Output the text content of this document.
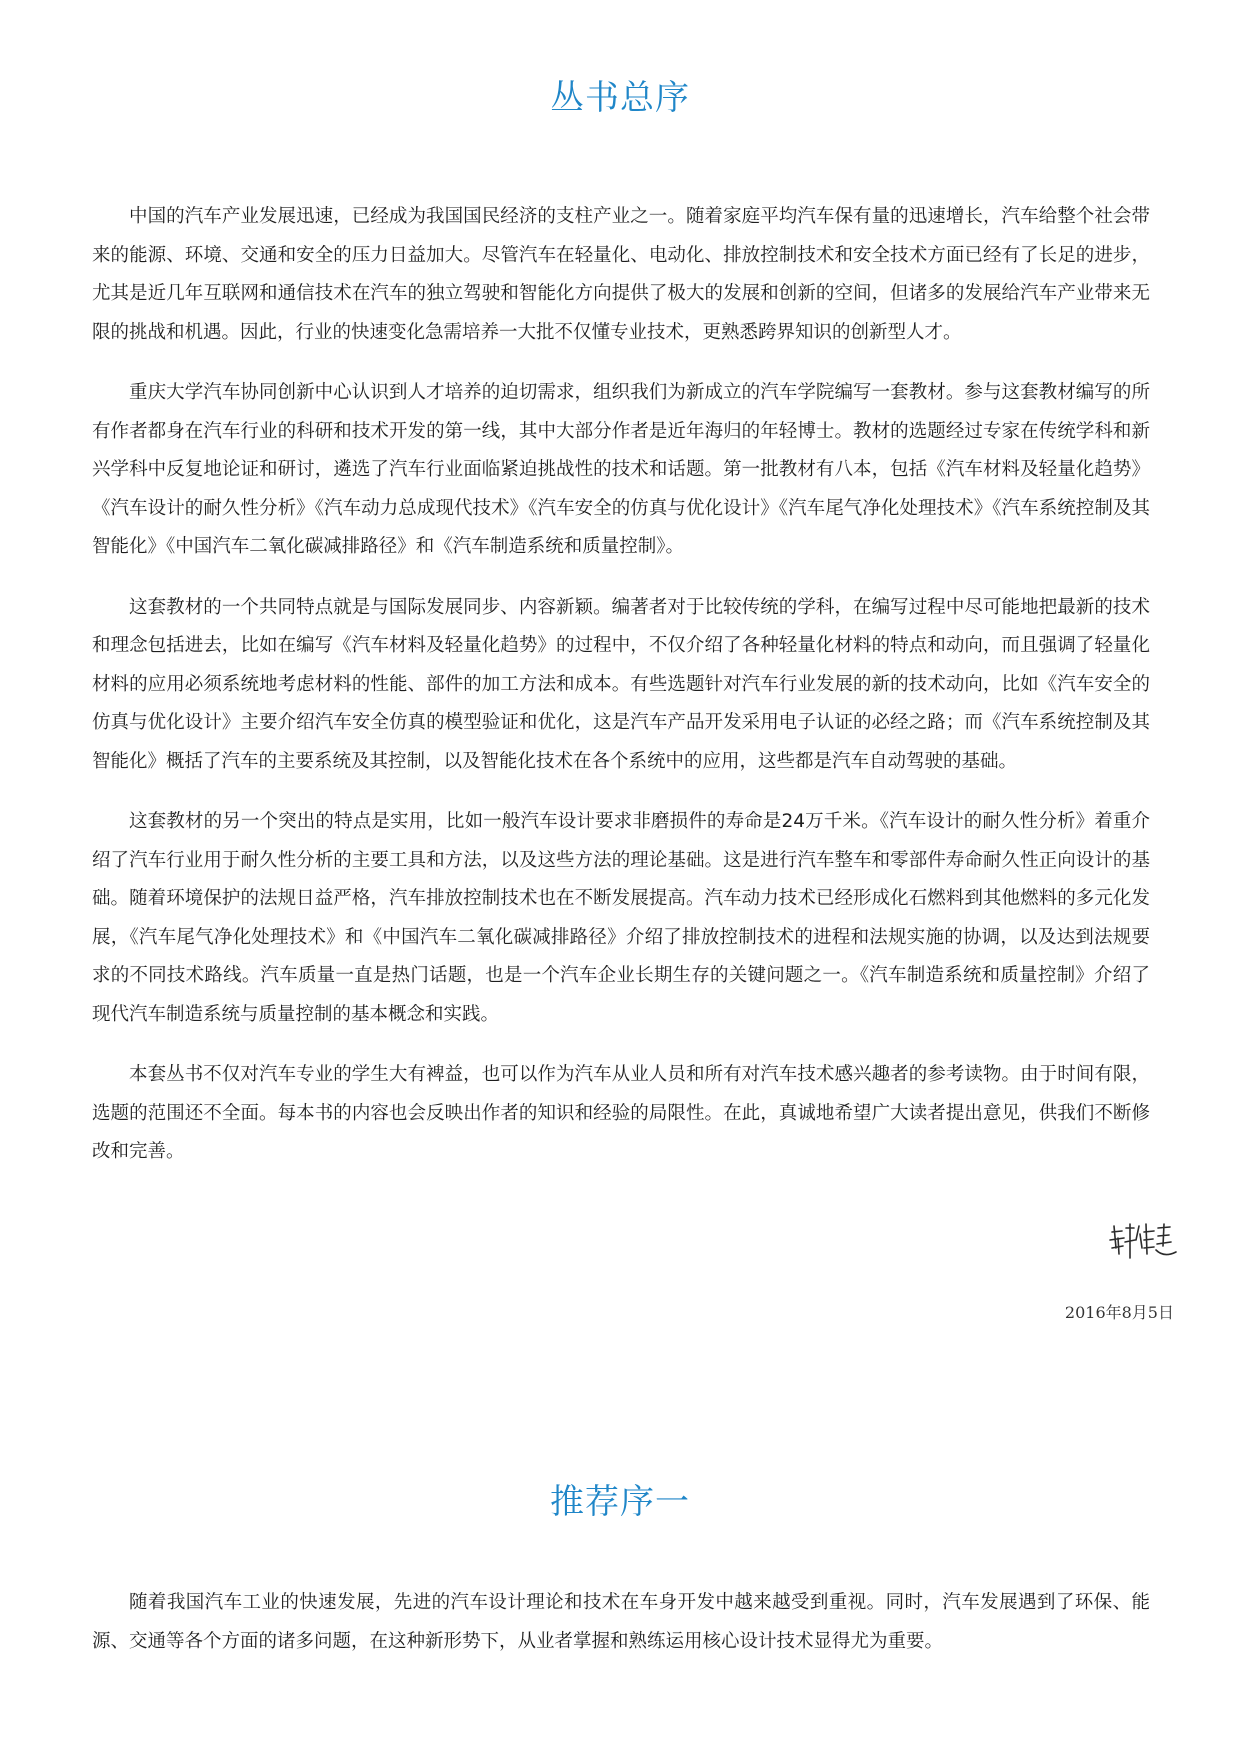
丛书总序

中国的汽车产业发展迅速，已经成为我国国民经济的支柱产业之一。随着家庭平均汽车保有量的迅速增长，汽车给整个社会带来的能源、环境、交通和安全的压力日益加大。尽管汽车在轻量化、电动化、排放控制技术和安全技术方面已经有了长足的进步，尤其是近几年互联网和通信技术在汽车的独立驾驶和智能化方向提供了极大的发展和创新的空间，但诸多的发展给汽车产业带来无限的挑战和机遇。因此，行业的快速变化急需培养一大批不仅懂专业技术，更熟悉跨界知识的创新型人才。

重庆大学汽车协同创新中心认识到人才培养的迫切需求，组织我们为新成立的汽车学院编写一套教材。参与这套教材编写的所有作者都身在汽车行业的科研和技术开发的第一线，其中大部分作者是近年海归的年轻博士。教材的选题经过专家在传统学科和新兴学科中反复地论证和研讨，遴选了汽车行业面临紧迫挑战性的技术和话题。第一批教材有八本，包括《汽车材料及轻量化趋势》《汽车设计的耐久性分析》《汽车动力总成现代技术》《汽车安全的仿真与优化设计》《汽车尾气净化处理技术》《汽车系统控制及其智能化》《中国汽车二氧化碳减排路径》和《汽车制造系统和质量控制》。

这套教材的一个共同特点就是与国际发展同步、内容新颖。编著者对于比较传统的学科，在编写过程中尽可能地把最新的技术和理念包括进去，比如在编写《汽车材料及轻量化趋势》的过程中，不仅介绍了各种轻量化材料的特点和动向，而且强调了轻量化材料的应用必须系统地考虑材料的性能、部件的加工方法和成本。有些选题针对汽车行业发展的新的技术动向，比如《汽车安全的仿真与优化设计》主要介绍汽车安全仿真的模型验证和优化，这是汽车产品开发采用电子认证的必经之路；而《汽车系统控制及其智能化》概括了汽车的主要系统及其控制，以及智能化技术在各个系统中的应用，这些都是汽车自动驾驶的基础。

这套教材的另一个突出的特点是实用，比如一般汽车设计要求非磨损件的寿命是24万千米。《汽车设计的耐久性分析》着重介绍了汽车行业用于耐久性分析的主要工具和方法，以及这些方法的理论基础。这是进行汽车整车和零部件寿命耐久性正向设计的基础。随着环境保护的法规日益严格，汽车排放控制技术也在不断发展提高。汽车动力技术已经形成化石燃料到其他燃料的多元化发展，《汽车尾气净化处理技术》和《中国汽车二氧化碳减排路径》介绍了排放控制技术的进程和法规实施的协调，以及达到法规要求的不同技术路线。汽车质量一直是热门话题，也是一个汽车企业长期生存的关键问题之一。《汽车制造系统和质量控制》介绍了现代汽车制造系统与质量控制的基本概念和实践。

本套丛书不仅对汽车专业的学生大有裨益，也可以作为汽车从业人员和所有对汽车技术感兴趣者的参考读物。由于时间有限，选题的范围还不全面。每本书的内容也会反映出作者的知识和经验的局限性。在此，真诚地希望广大读者提出意见，供我们不断修改和完善。

2016年8月5日

推荐序一

随着我国汽车工业的快速发展，先进的汽车设计理论和技术在车身开发中越来越受到重视。同时，汽车发展遇到了环保、能源、交通等各个方面的诸多问题，在这种新形势下，从业者掌握和熟练运用核心设计技术显得尤为重要。
